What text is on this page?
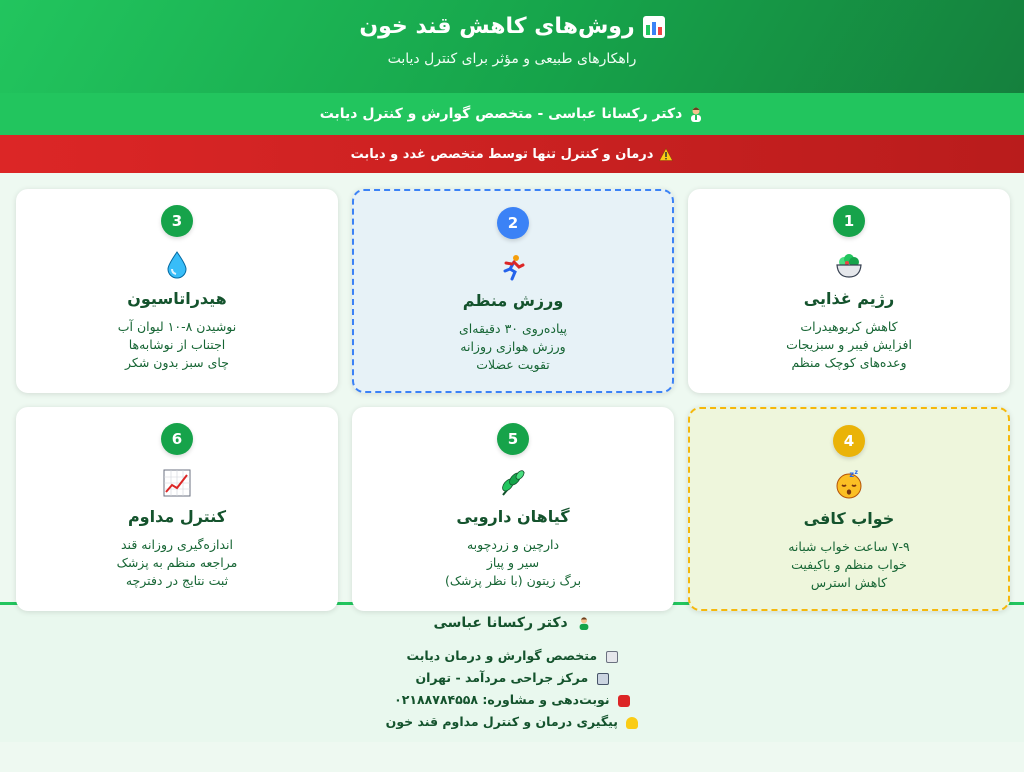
روش‌های کاهش قند خون
راهکارهای طبیعی و مؤثر برای کنترل دیابت
دکتر رکسانا عباسی - متخصص گوارش و کنترل دیابت
درمان و کنترل تنها توسط متخصص غدد و دیابت
1
رژیم غذایی
کاهش کربوهیدرات
افزایش فیبر و سبزیجات
وعده‌های کوچک منظم
2
ورزش منظم
پیاده‌روی ۳۰ دقیقه‌ای
ورزش هوازی روزانه
تقویت عضلات
3
هیدراتاسیون
نوشیدن ۸-۱۰ لیوان آب
اجتناب از نوشابه‌ها
چای سبز بدون شکر
4
z z
خواب کافی
۷-۹ ساعت خواب شبانه
خواب منظم و باکیفیت
کاهش استرس
5
گیاهان دارویی
دارچین و زردچوبه
سیر و پیاز
برگ زیتون (با نظر پزشک)
6
کنترل مداوم
اندازه‌گیری روزانه قند
مراجعه منظم به پزشک
ثبت نتایج در دفترچه
دکتر رکسانا عباسی
متخصص گوارش و درمان دیابت
مرکز جراحی مردآمد - تهران
نوبت‌دهی و مشاوره: ۰۲۱۸۸۷۸۴۵۵۸
پیگیری درمان و کنترل مداوم قند خون
